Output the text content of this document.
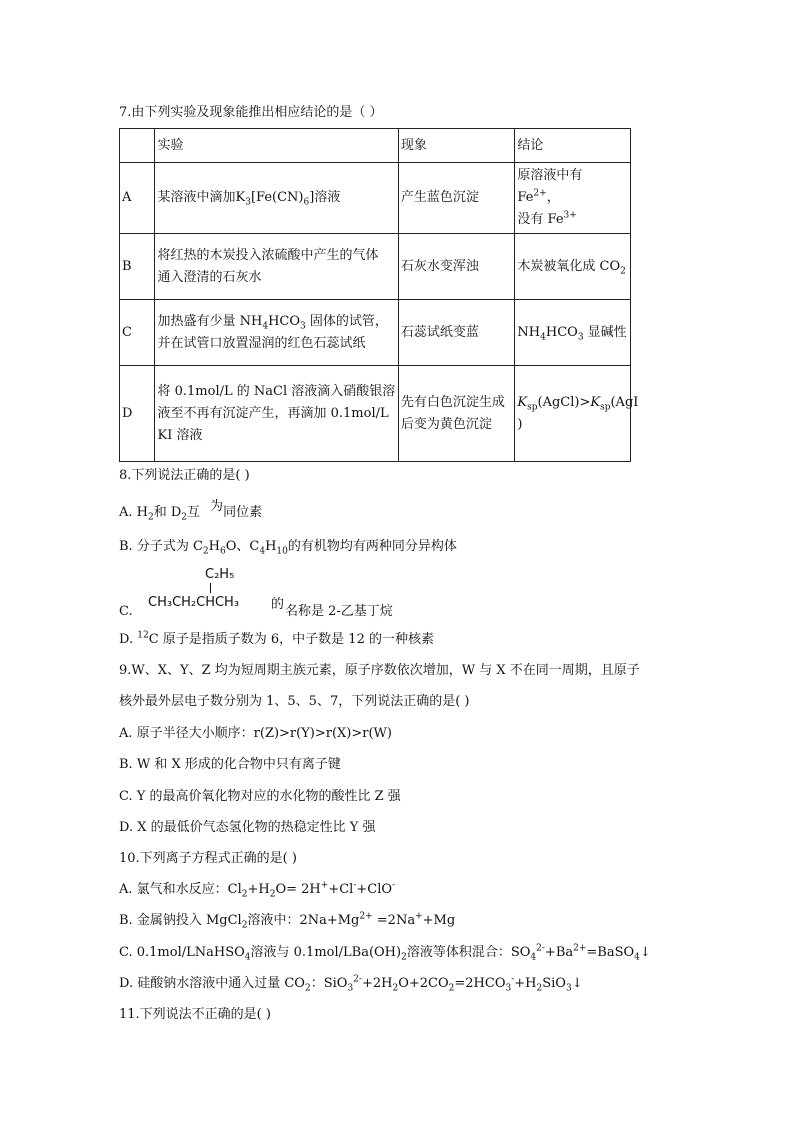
7.由下列实验及现象能推出相应结论的是（ ）
	实验	现象	结论
A	某溶液中滴加$K_3[Fe(CN)_6]$溶液	产生蓝色沉淀	原溶液中有 $Fe^{2+}$，
没有 $Fe^{3+}$
B	将红热的木炭投入浓硫酸中产生的气体
通入澄清的石灰水	石灰水变浑浊	木炭被氧化成 $CO_2$
C	加热盛有少量 $NH_4HCO_3$ 固体的试管，
并在试管口放置湿润的红色石蕊试纸	石蕊试纸变蓝	$NH_4HCO_3$ 显碱性
D	将 0.1mol/L 的 NaCl 溶液滴入硝酸银溶
液至不再有沉淀产生，再滴加 0.1mol/L
KI 溶液	先有白色沉淀生成
后变为黄色沉淀	$K_{sp}(AgCl)>K_{sp}(AgI$
)
8.下列说法正确的是( )
A. $H_2$和 $D_2$互 为同位素
B. 分子式为 $C_2H_6O$、$C_4H_{10}$的有机物均有两种同分异构体
C.
C₂H₅
CH₃CH₂CHCH₃ 的 名称是 2-乙基丁烷
D. $^{12}$C 原子是指质子数为 6，中子数是 12 的一种核素
9.W、X、Y、Z 均为短周期主族元素，原子序数依次增加，W 与 X 不在同一周期，且原子
核外最外层电子数分别为 1、5、5、7，下列说法正确的是( )
A. 原子半径大小顺序：r(Z)>r(Y)>r(X)>r(W)
B. W 和 X 形成的化合物中只有离子键
C. Y 的最高价氧化物对应的水化物的酸性比 Z 强
D. X 的最低价气态氢化物的热稳定性比 Y 强
10.下列离子方程式正确的是( )
A. 氯气和水反应：$Cl_2+H_2O= 2H^++Cl^-+ClO^-$
B. 金属钠投入 MgCl$_2$溶液中：$2Na+Mg^{2+} =2Na^++Mg$
C. 0.1mol/LNaHSO$_4$溶液与 $0.1mol/LBa(OH)_2$溶液等体积混合：$SO_4^{2-}+Ba^{2+}=BaSO_4↓$
D. 硅酸钠水溶液中通入过量 $CO_2$：$SiO_3^{2-}+2H_2O+2CO_2=2HCO_3^-+H_2SiO_3↓$
11.下列说法不正确的是( )
